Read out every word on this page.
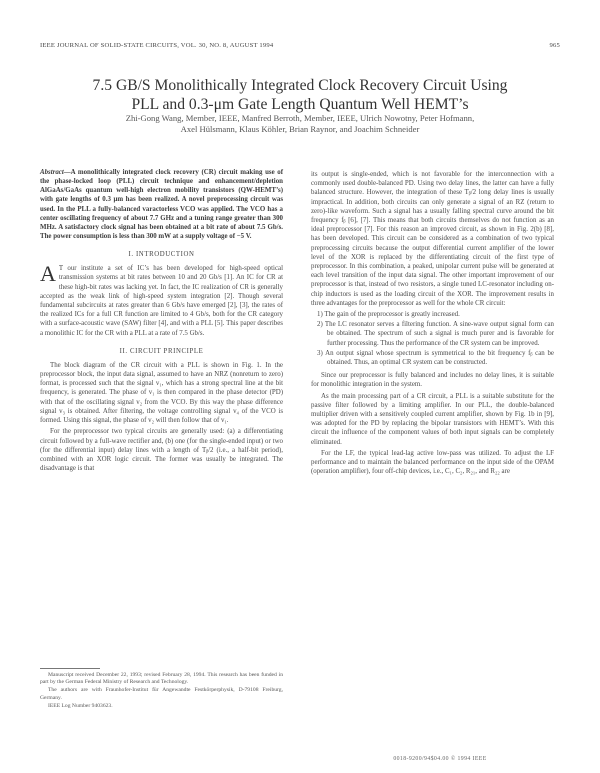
IEEE JOURNAL OF SOLID-STATE CIRCUITS, VOL. 30, NO. 8, AUGUST 1994	965
7.5 GB/S Monolithically Integrated Clock Recovery Circuit Using
PLL and 0.3-μm Gate Length Quantum Well HEMT’s
Zhi-Gong Wang, Member, IEEE, Manfred Berroth, Member, IEEE, Ulrich Nowotny, Peter Hofmann,
Axel Hülsmann, Klaus Köhler, Brian Raynor, and Joachim Schneider

Abstract—A monolithically integrated clock recovery (CR) circuit making use of the phase-locked loop (PLL) circuit technique and enhancement/depletion AlGaAs/GaAs quantum well-high electron mobility transistors (QW-HEMT’s) with gate lengths of 0.3 μm has been realized. A novel preprocessing circuit was used. In the PLL a fully-balanced varactorless VCO was applied. The VCO has a center oscillating frequency of about 7.7 GHz and a tuning range greater than 300 MHz. A satisfactory clock signal has been obtained at a bit rate of about 7.5 Gb/s. The power consumption is less than 300 mW at a supply voltage of −5 V.

I. INTRODUCTION

A T our institute a set of IC’s has been developed for high-speed optical transmission systems at bit rates between 10 and 20 Gb/s [1]. An IC for CR at these high-bit rates was lacking yet. In fact, the IC realization of CR is generally accepted as the weak link of high-speed system integration [2]. Though several fundamental subcircuits at rates greater than 6 Gb/s have emerged [2], [3], the rates of the realized ICs for a full CR function are limited to 4 Gb/s, both for the CR category with a surface-acoustic wave (SAW) filter [4], and with a PLL [5]. This paper describes a monolithic IC for the CR with a PLL at a rate of 7.5 Gb/s.

II. CIRCUIT PRINCIPLE

The block diagram of the CR circuit with a PLL is shown in Fig. 1. In the preprocessor block, the input data signal, assumed to have an NRZ (nonreturn to zero) format, is processed such that the signal v₁, which has a strong spectral line at the bit frequency, is generated. The phase of v₁ is then compared in the phase detector (PD) with that of the oscillating signal v₂ from the VCO. By this way the phase difference signal v₃ is obtained. After filtering, the voltage controlling signal v₄ of the VCO is formed. Using this signal, the phase of v₂ will then follow that of v₁.

For the preprocessor two typical circuits are generally used: (a) a differentiating circuit followed by a full-wave rectifier and, (b) one (for the single-ended input) or two (for the differential input) delay lines with a length of Tᵦ/2 (i.e., a half-bit period), combined with an XOR logic circuit. The former was usually be integrated. The disadvantage is that

Manuscript received December 22, 1993; revised February 28, 1994. This research has been funded in part by the German Federal Ministry of Research and Technology.

The authors are with Fraunhofer-Institut für Angewandte Festkörperphysik, D-79108 Freiburg, Germany.

IEEE Log Number 9403623.

its output is single-ended, which is not favorable for the interconnection with a commonly used double-balanced PD. Using two delay lines, the latter can have a fully balanced structure. However, the integration of these Tᵦ/2 long delay lines is usually impractical. In addition, both circuits can only generate a signal of an RZ (return to zero)-like waveform. Such a signal has a usually falling spectral curve around the bit frequency fᵦ [6], [7]. This means that both circuits themselves do not function as an ideal preprocessor [7]. For this reason an improved circuit, as shown in Fig. 2(b) [8], has been developed. This circuit can be considered as a combination of two typical preprocessing circuits because the output differential current amplifier of the lower level of the XOR is replaced by the differentiating circuit of the first type of preprocessor. In this combination, a peaked, unipolar current pulse will be generated at each level transition of the input data signal. The other important improvement of our preprocessor is that, instead of two resistors, a single tuned LC-resonator including on-chip inductors is used as the loading circuit of the XOR. The improvement results in three advantages for the preprocessor as well for the whole CR circuit:

1) The gain of the preprocessor is greatly increased.
2) The LC resonator serves a filtering function. A sine-wave output signal form can be obtained. The spectrum of such a signal is much purer and is favorable for further processing. Thus the performance of the CR system can be improved.
3) An output signal whose spectrum is symmetrical to the bit frequency fᵦ can be obtained. Thus, an optimal CR system can be constructed.

Since our preprocessor is fully balanced and includes no delay lines, it is suitable for monolithic integration in the system.

As the main processing part of a CR circuit, a PLL is a suitable substitute for the passive filter followed by a limiting amplifier. In our PLL, the double-balanced multiplier driven with a sensitively coupled current amplifier, shown by Fig. 1b in [9], was adopted for the PD by replacing the bipolar transistors with HEMT’s. With this circuit the influence of the component values of both input signals can be completely eliminated.

For the LF, the typical lead-lag active low-pass was utilized. To adjust the LF performance and to maintain the balanced performance on the input side of the OPAM (operation amplifier), four off-chip devices, i.e., C₁, C₂, R₂₁, and R₂₂ are

0018-9200/94$04.00 © 1994 IEEE
